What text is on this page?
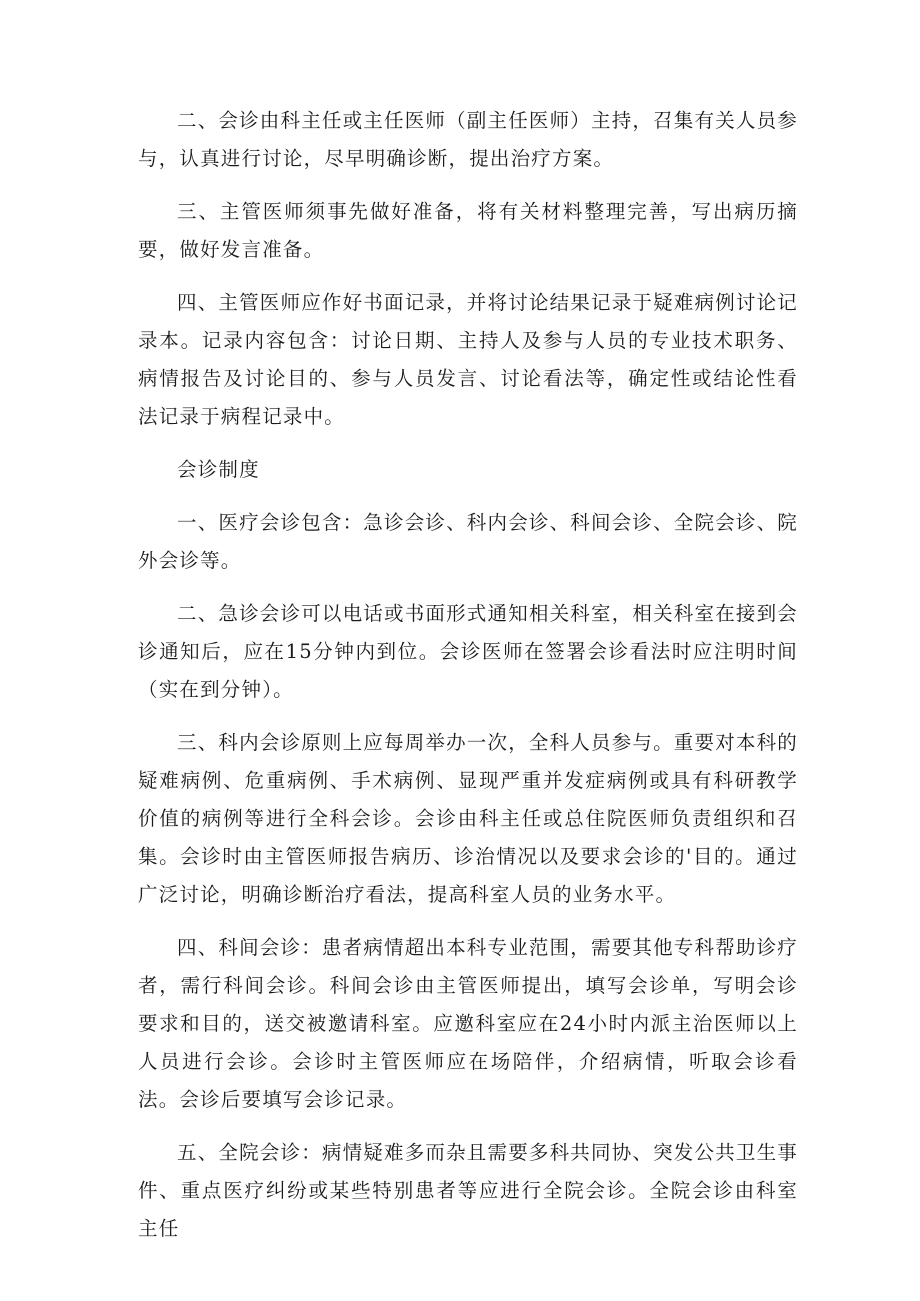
二、会诊由科主任或主任医师（副主任医师）主持，召集有关人员参与，认真进行讨论，尽早明确诊断，提出治疗方案。

三、主管医师须事先做好准备，将有关材料整理完善，写出病历摘要，做好发言准备。

四、主管医师应作好书面记录，并将讨论结果记录于疑难病例讨论记录本。记录内容包含：讨论日期、主持人及参与人员的专业技术职务、病情报告及讨论目的、参与人员发言、讨论看法等，确定性或结论性看法记录于病程记录中。

会诊制度

一、医疗会诊包含：急诊会诊、科内会诊、科间会诊、全院会诊、院外会诊等。

二、急诊会诊可以电话或书面形式通知相关科室，相关科室在接到会诊通知后，应在15分钟内到位。会诊医师在签署会诊看法时应注明时间（实在到分钟）。

三、科内会诊原则上应每周举办一次，全科人员参与。重要对本科的疑难病例、危重病例、手术病例、显现严重并发症病例或具有科研教学价值的病例等进行全科会诊。会诊由科主任或总住院医师负责组织和召集。会诊时由主管医师报告病历、诊治情况以及要求会诊的'目的。通过广泛讨论，明确诊断治疗看法，提高科室人员的业务水平。

四、科间会诊：患者病情超出本科专业范围，需要其他专科帮助诊疗者，需行科间会诊。科间会诊由主管医师提出，填写会诊单，写明会诊要求和目的，送交被邀请科室。应邀科室应在24小时内派主治医师以上人员进行会诊。会诊时主管医师应在场陪伴，介绍病情，听取会诊看法。会诊后要填写会诊记录。

五、全院会诊：病情疑难多而杂且需要多科共同协、突发公共卫生事件、重点医疗纠纷或某些特别患者等应进行全院会诊。全院会诊由科室主任
